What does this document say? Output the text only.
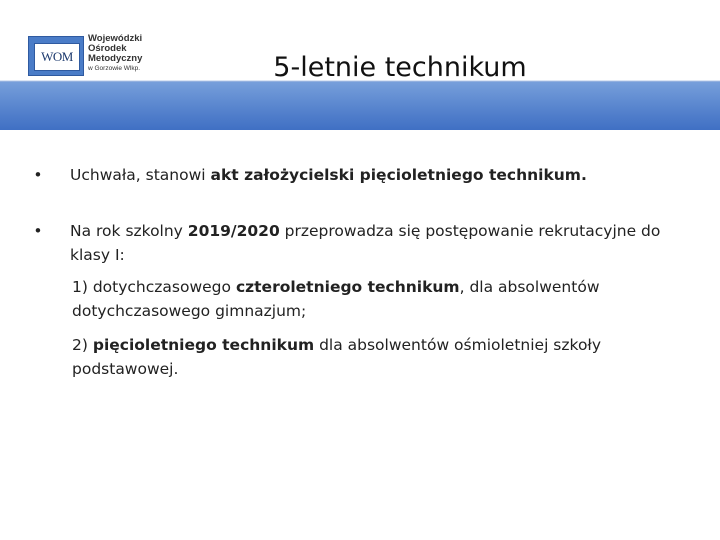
WOM
Wojewódzki
Ośrodek
Metodyczny
w Gorzowie Wlkp.	5-letnie technikum
•	Uchwała, stanowi akt założycielski pięcioletniego technikum.
•	Na rok szkolny 2019/2020 przeprowadza się postępowanie rekrutacyjne do klasy I:
1) dotychczasowego czteroletniego technikum, dla absolwentów dotychczasowego gimnazjum;
2) pięcioletniego technikum dla absolwentów ośmioletniej szkoły podstawowej.
